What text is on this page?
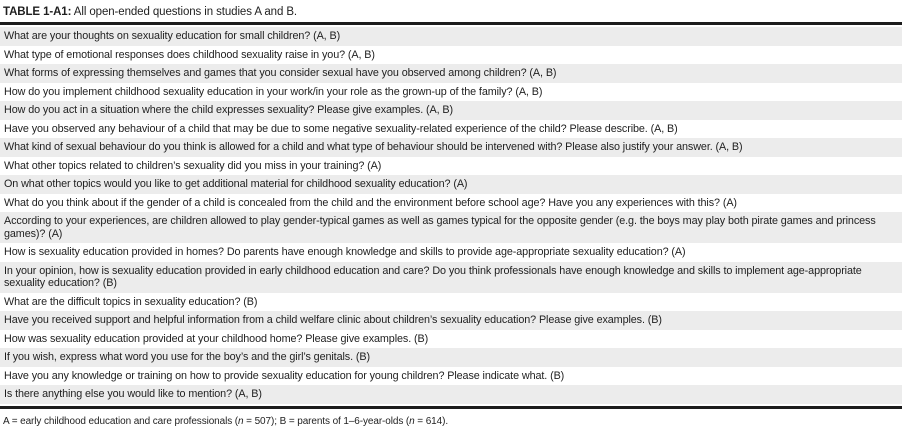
TABLE 1-A1: All open-ended questions in studies A and B.
What are your thoughts on sexuality education for small children? (A, B)
What type of emotional responses does childhood sexuality raise in you? (A, B)
What forms of expressing themselves and games that you consider sexual have you observed among children? (A, B)
How do you implement childhood sexuality education in your work/in your role as the grown-up of the family? (A, B)
How do you act in a situation where the child expresses sexuality? Please give examples. (A, B)
Have you observed any behaviour of a child that may be due to some negative sexuality-related experience of the child? Please describe. (A, B)
What kind of sexual behaviour do you think is allowed for a child and what type of behaviour should be intervened with? Please also justify your answer. (A, B)
What other topics related to children’s sexuality did you miss in your training? (A)
On what other topics would you like to get additional material for childhood sexuality education? (A)
What do you think about if the gender of a child is concealed from the child and the environment before school age? Have you any experiences with this? (A)
According to your experiences, are children allowed to play gender-typical games as well as games typical for the opposite gender (e.g. the boys may play both pirate games and princess games)? (A)
How is sexuality education provided in homes? Do parents have enough knowledge and skills to provide age-appropriate sexuality education? (A)
In your opinion, how is sexuality education provided in early childhood education and care? Do you think professionals have enough knowledge and skills to implement age-appropriate sexuality education? (B)
What are the difficult topics in sexuality education? (B)
Have you received support and helpful information from a child welfare clinic about children’s sexuality education? Please give examples. (B)
How was sexuality education provided at your childhood home? Please give examples. (B)
If you wish, express what word you use for the boy’s and the girl’s genitals. (B)
Have you any knowledge or training on how to provide sexuality education for young children? Please indicate what. (B)
Is there anything else you would like to mention? (A, B)
A = early childhood education and care professionals (n = 507); B = parents of 1–6-year-olds (n = 614).
